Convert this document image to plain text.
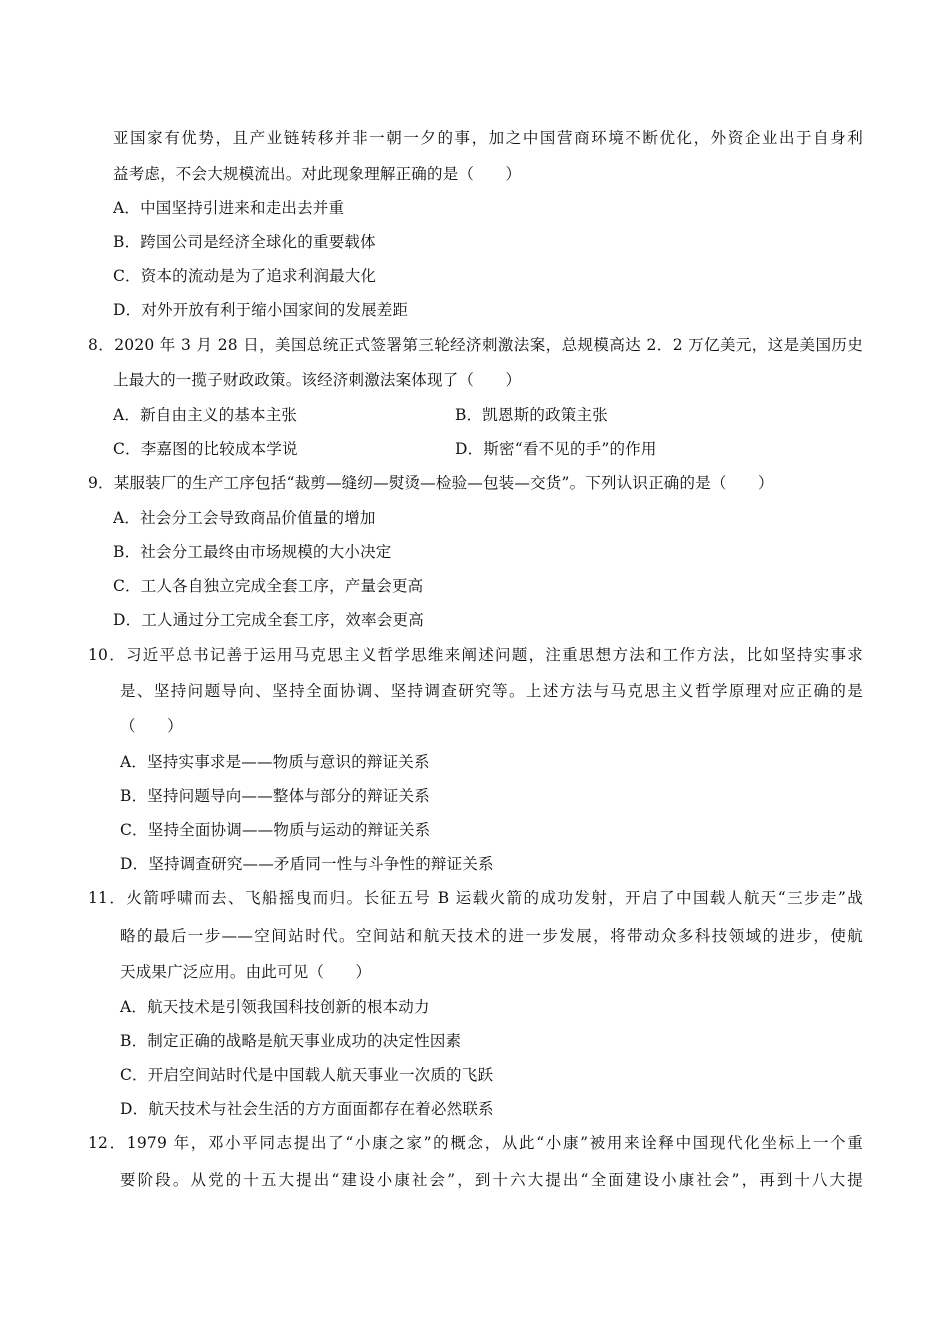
亚国家有优势，且产业链转移并非一朝一夕的事，加之中国营商环境不断优化，外资企业出于自身利
益考虑，不会大规模流出。对此现象理解正确的是（　　）
A．中国坚持引进来和走出去并重
B．跨国公司是经济全球化的重要载体
C．资本的流动是为了追求利润最大化
D．对外开放有利于缩小国家间的发展差距
8．2020 年 3 月 28 日，美国总统正式签署第三轮经济刺激法案，总规模高达 2．2 万亿美元，这是美国历史
上最大的一揽子财政政策。该经济刺激法案体现了（　　）
A．新自由主义的基本主张	B．凯恩斯的政策主张
C．李嘉图的比较成本学说	D．斯密“看不见的手”的作用
9．某服装厂的生产工序包括“裁剪—缝纫—熨烫—检验—包装—交货”。下列认识正确的是（　　）
A．社会分工会导致商品价值量的增加
B．社会分工最终由市场规模的大小决定
C．工人各自独立完成全套工序，产量会更高
D．工人通过分工完成全套工序，效率会更高
10．习近平总书记善于运用马克思主义哲学思维来阐述问题，注重思想方法和工作方法，比如坚持实事求
是、坚持问题导向、坚持全面协调、坚持调查研究等。上述方法与马克思主义哲学原理对应正确的是
（　　）
A．坚持实事求是——物质与意识的辩证关系
B．坚持问题导向——整体与部分的辩证关系
C．坚持全面协调——物质与运动的辩证关系
D．坚持调查研究——矛盾同一性与斗争性的辩证关系
11．火箭呼啸而去、飞船摇曳而归。长征五号 B 运载火箭的成功发射，开启了中国载人航天“三步走”战
略的最后一步——空间站时代。空间站和航天技术的进一步发展，将带动众多科技领域的进步，使航
天成果广泛应用。由此可见（　　）
A．航天技术是引领我国科技创新的根本动力
B．制定正确的战略是航天事业成功的决定性因素
C．开启空间站时代是中国载人航天事业一次质的飞跃
D．航天技术与社会生活的方方面面都存在着必然联系
12．1979 年，邓小平同志提出了“小康之家”的概念，从此“小康”被用来诠释中国现代化坐标上一个重
要阶段。从党的十五大提出“建设小康社会”，到十六大提出“全面建设小康社会”，再到十八大提
